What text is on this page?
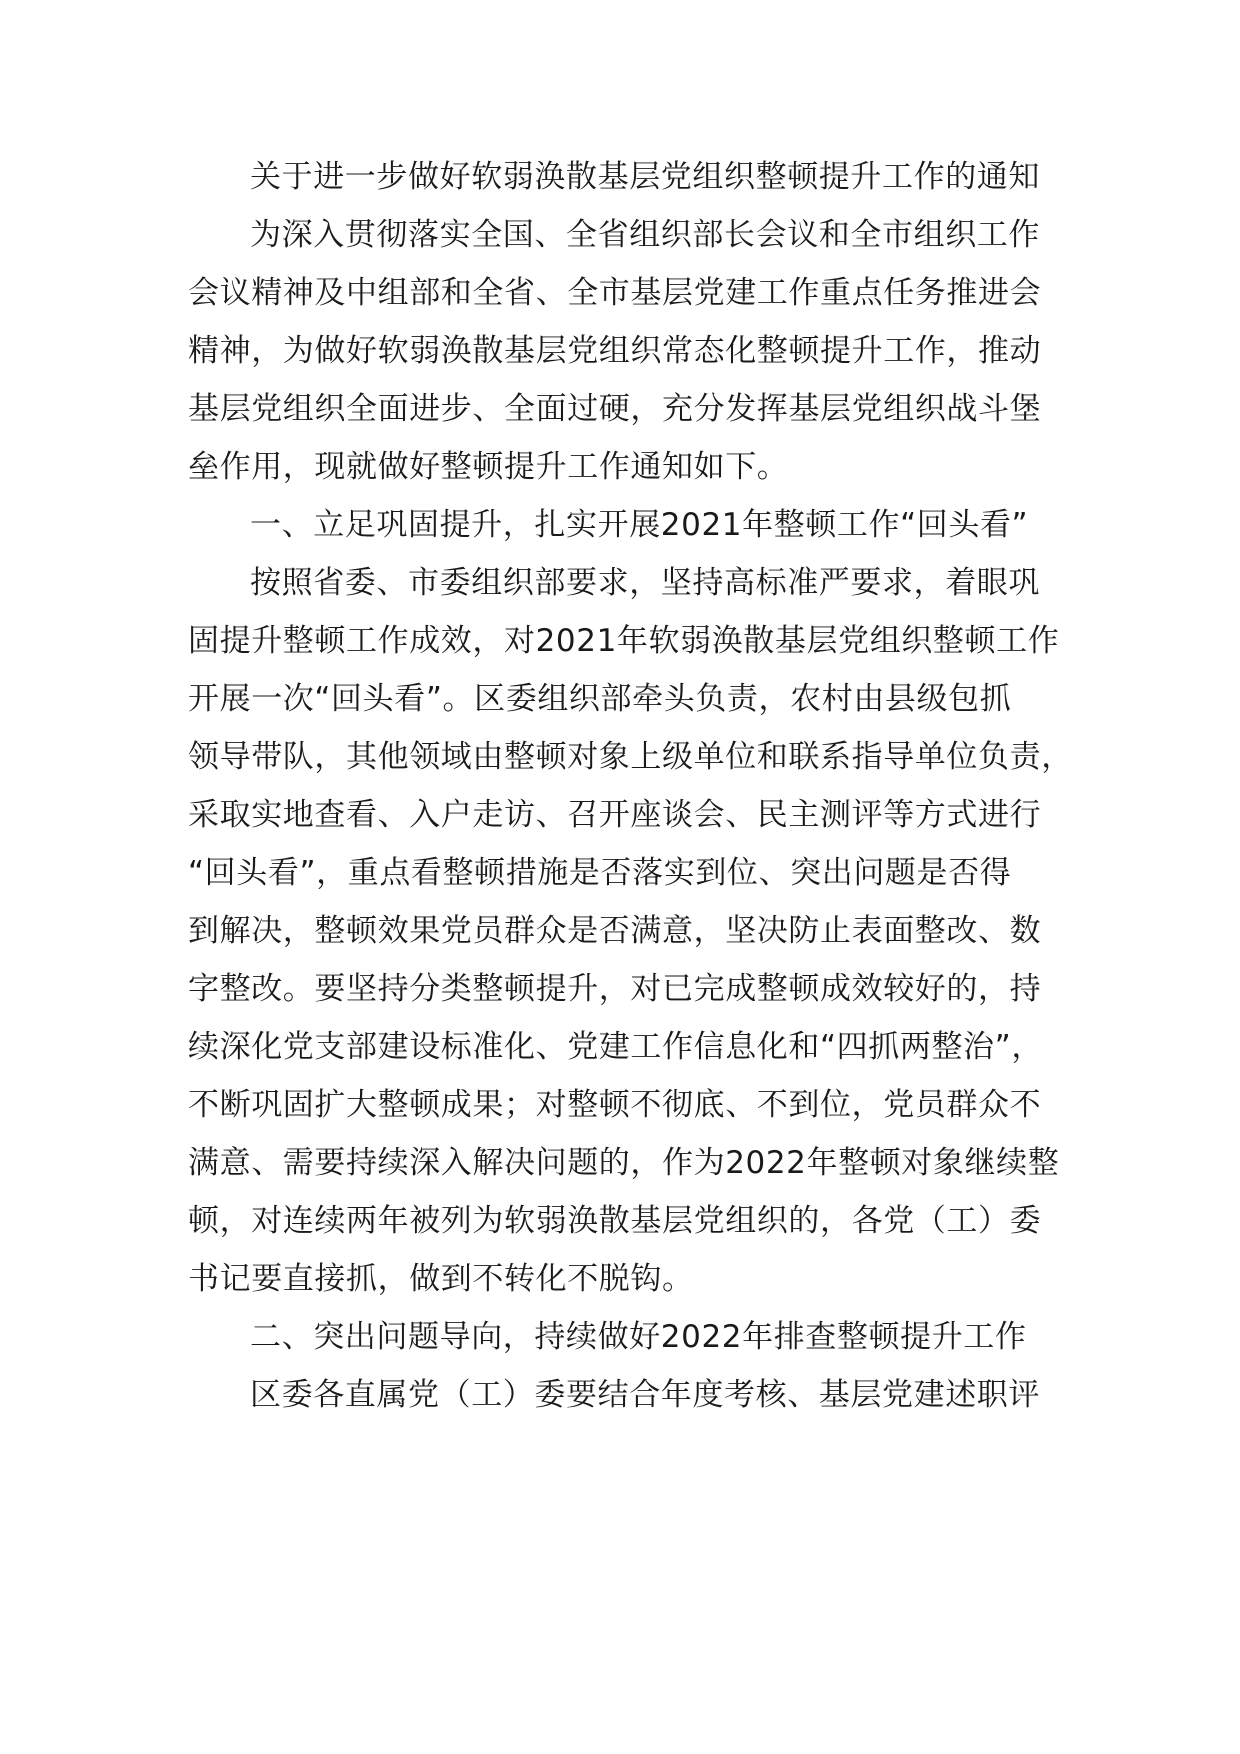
关于进一步做好软弱涣散基层党组织整顿提升工作的通知
为深入贯彻落实全国、全省组织部长会议和全市组织工作
会议精神及中组部和全省、全市基层党建工作重点任务推进会
精神，为做好软弱涣散基层党组织常态化整顿提升工作，推动
基层党组织全面进步、全面过硬，充分发挥基层党组织战斗堡
垒作用，现就做好整顿提升工作通知如下。
一、立足巩固提升，扎实开展2021年整顿工作“回头看”
按照省委、市委组织部要求，坚持高标准严要求，着眼巩
固提升整顿工作成效，对2021年软弱涣散基层党组织整顿工作
开展一次“回头看”。区委组织部牵头负责，农村由县级包抓
领导带队，其他领域由整顿对象上级单位和联系指导单位负责，
采取实地查看、入户走访、召开座谈会、民主测评等方式进行
“回头看”，重点看整顿措施是否落实到位、突出问题是否得
到解决，整顿效果党员群众是否满意，坚决防止表面整改、数
字整改。要坚持分类整顿提升，对已完成整顿成效较好的，持
续深化党支部建设标准化、党建工作信息化和“四抓两整治”，
不断巩固扩大整顿成果；对整顿不彻底、不到位，党员群众不
满意、需要持续深入解决问题的，作为2022年整顿对象继续整
顿，对连续两年被列为软弱涣散基层党组织的，各党（工）委
书记要直接抓，做到不转化不脱钩。
二、突出问题导向，持续做好2022年排查整顿提升工作
区委各直属党（工）委要结合年度考核、基层党建述职评
